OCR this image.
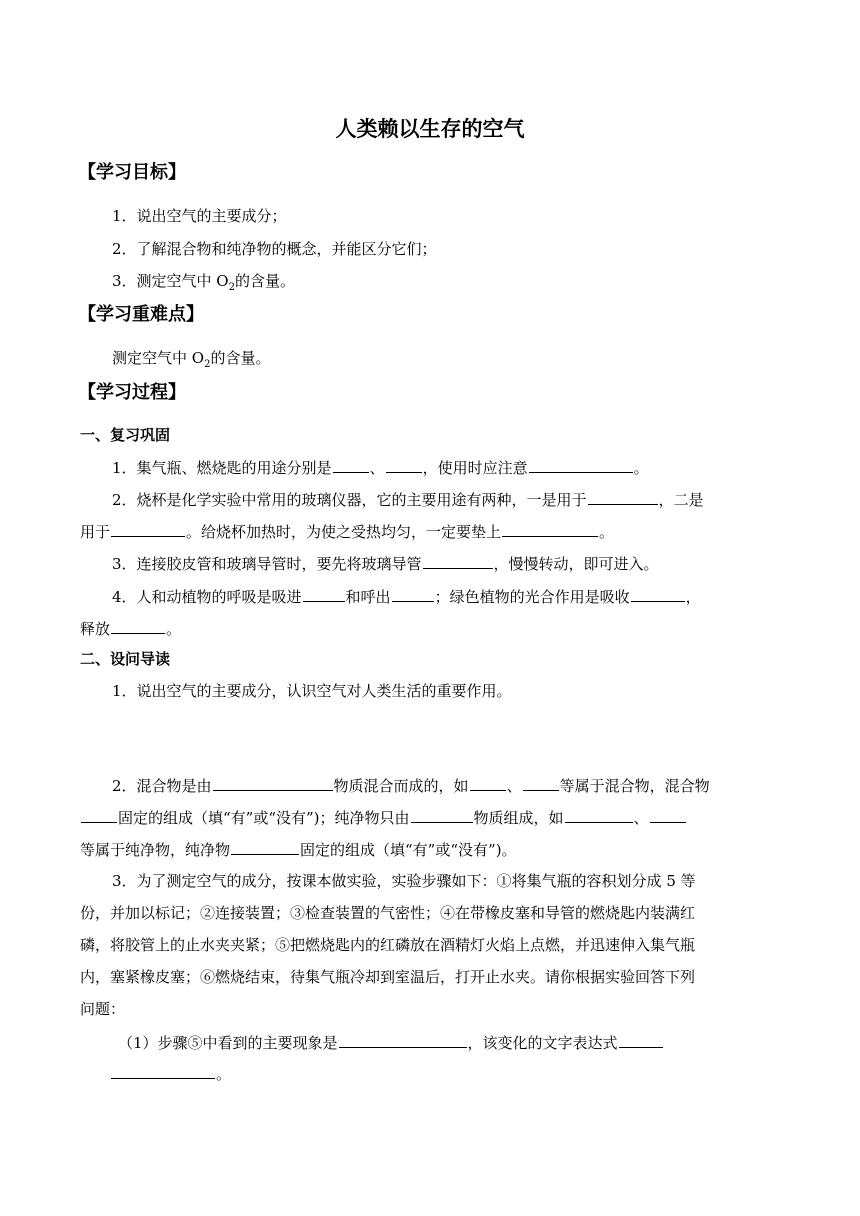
人类赖以生存的空气

【学习目标】

1．说出空气的主要成分；

2．了解混合物和纯净物的概念，并能区分它们；

3．测定空气中 $O_2$的含量。

【学习重难点】

测定空气中 $O_2$的含量。

【学习过程】

一、复习巩固

1．集气瓶、燃烧匙的用途分别是	、	，使用时应注意	。

2．烧杯是化学实验中常用的玻璃仪器，它的主要用途有两种，一是用于	，二是

用于	。给烧杯加热时，为使之受热均匀，一定要垫上	。

3．连接胶皮管和玻璃导管时，要先将玻璃导管	，慢慢转动，即可进入。

4．人和动植物的呼吸是吸进	和呼出	；绿色植物的光合作用是吸收	，

释放	。

二、设问导读

1．说出空气的主要成分，认识空气对人类生活的重要作用。

2．混合物是由	物质混合而成的，如	、	等属于混合物，混合物

固定的组成（填“有”或“没有”)；纯净物只由	物质组成，如	、

等属于纯净物，纯净物	固定的组成（填“有”或“没有”)。

3．为了测定空气的成分，按课本做实验，实验步骤如下：①将集气瓶的容积划分成 5 等

份，并加以标记；②连接装置；③检查装置的气密性；④在带橡皮塞和导管的燃烧匙内装满红

磷，将胶管上的止水夹夹紧；⑤把燃烧匙内的红磷放在酒精灯火焰上点燃，并迅速伸入集气瓶

内，塞紧橡皮塞；⑥燃烧结束，待集气瓶冷却到室温后，打开止水夹。请你根据实验回答下列

问题：

（1）步骤⑤中看到的主要现象是	，该变化的文字表达式

。
